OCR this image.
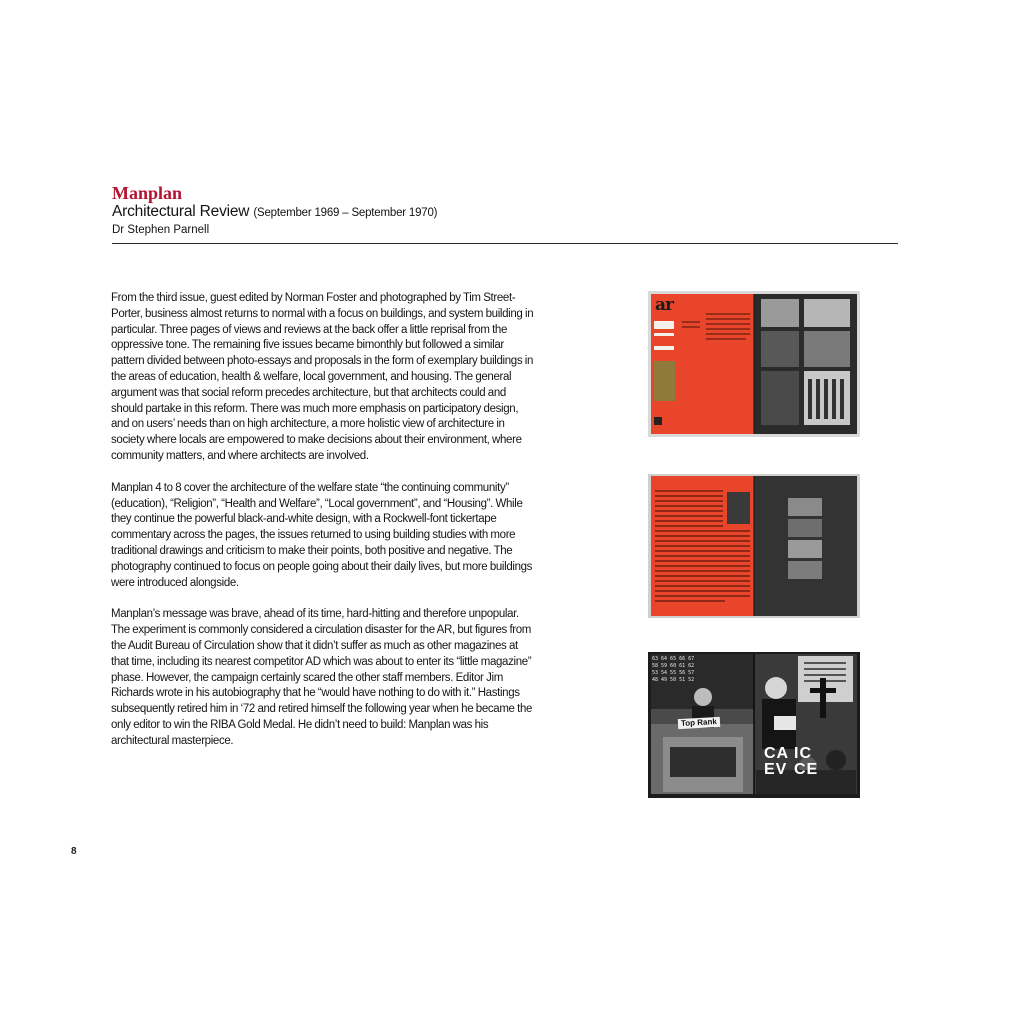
Manplan
Architectural Review (September 1969 – September 1970)
Dr Stephen Parnell

From the third issue, guest edited by Norman Foster and photographed by Tim Street-Porter, business almost returns to normal with a focus on buildings, and system building in particular. Three pages of views and reviews at the back offer a little reprisal from the oppressive tone. The remaining five issues became bimonthly but followed a similar pattern divided between photo-essays and proposals in the form of exemplary buildings in the areas of education, health & welfare, local government, and housing. The general argument was that social reform precedes architecture, but that architects could and should partake in this reform. There was much more emphasis on participatory design, and on users’ needs than on high architecture, a more holistic view of architecture in society where locals are empowered to make decisions about their environment, where community matters, and where architects are involved.

Manplan 4 to 8 cover the architecture of the welfare state “the continuing community” (education), “Religion”, “Health and Welfare”, “Local government”, and “Housing”. While they continue the powerful black-and-white design, with a Rockwell-font tickertape commentary across the pages, the issues returned to using building studies with more traditional drawings and criticism to make their points, both positive and negative. The photography continued to focus on people going about their daily lives, but more buildings were introduced alongside.

Manplan’s message was brave, ahead of its time, hard-hitting and therefore unpopular. The experiment is commonly considered a circulation disaster for the AR, but figures from the Audit Bureau of Circulation show that it didn’t suffer as much as other magazines at that time, including its nearest competitor AD which was about to enter its “little magazine” phase. However, the campaign certainly scared the other staff members. Editor Jim Richards wrote in his autobiography that he “would have nothing to do with it.” Hastings subsequently retired him in ‘72 and retired himself the following year when he became the only editor to win the RIBA Gold Medal. He didn’t need to build: Manplan was his architectural masterpiece.

ar
63 64 65 66 67
58 59 60 61 62
53 54 55 56 57
48 49 50 51 52
Top Rank
CA
EV
IC
CE
8
